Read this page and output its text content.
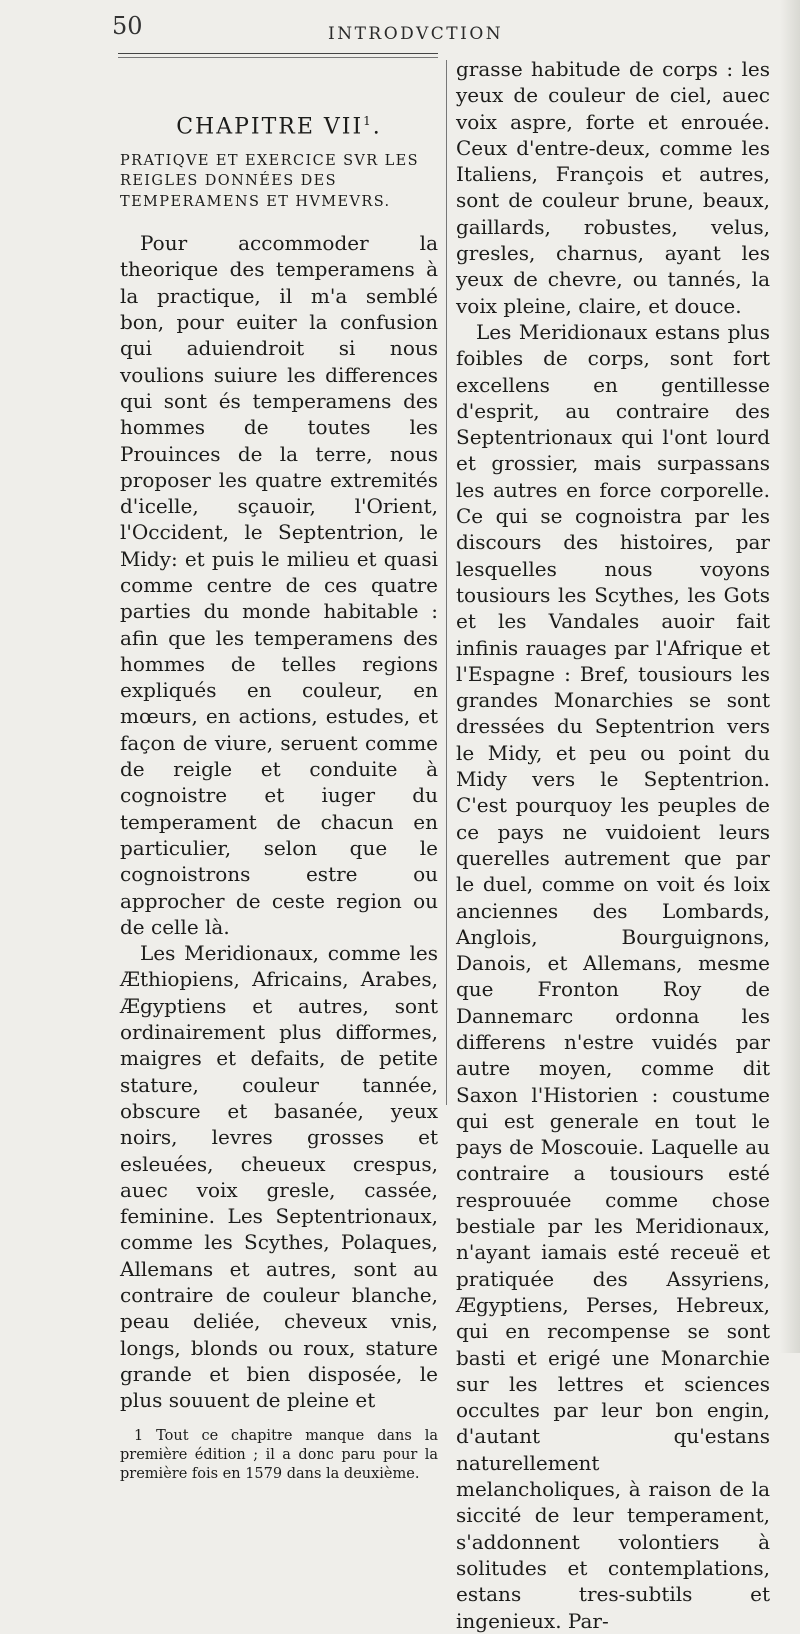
50	INTRODVCTION
CHAPITRE VII$^1$.

PRATIQVE ET EXERCICE SVR LES REIGLES DONNÉES DES TEMPERAMENS ET HVMEVRS.

Pour accommoder la theorique des temperamens à la practique, il m'a semblé bon, pour euiter la confusion qui aduiendroit si nous voulions suiure les differences qui sont és temperamens des hommes de toutes les Prouinces de la terre, nous proposer les quatre extremités d'icelle, sçauoir, l'Orient, l'Occident, le Septentrion, le Midy: et puis le milieu et quasi comme centre de ces quatre parties du monde habitable : afin que les temperamens des hommes de telles regions expliqués en couleur, en mœurs, en actions, estudes, et façon de viure, seruent comme de reigle et conduite à cognoistre et iuger du temperament de chacun en particulier, selon que le cognoistrons estre ou approcher de ceste region ou de celle là.

Les Meridionaux, comme les Æthiopiens, Africains, Arabes, Ægyptiens et autres, sont ordinairement plus difformes, maigres et defaits, de petite stature, couleur tannée, obscure et basanée, yeux noirs, levres grosses et esleuées, cheueux crespus, auec voix gresle, cassée, feminine. Les Septentrionaux, comme les Scythes, Polaques, Allemans et autres, sont au contraire de couleur blanche, peau deliée, cheveux vnis, longs, blonds ou roux, stature grande et bien disposée, le plus souuent de pleine et

1 Tout ce chapitre manque dans la première édition ; il a donc paru pour la première fois en 1579 dans la deuxième.

grasse habitude de corps : les yeux de couleur de ciel, auec voix aspre, forte et enrouée. Ceux d'entre-deux, comme les Italiens, François et autres, sont de couleur brune, beaux, gaillards, robustes, velus, gresles, charnus, ayant les yeux de chevre, ou tannés, la voix pleine, claire, et douce.

Les Meridionaux estans plus foibles de corps, sont fort excellens en gentillesse d'esprit, au contraire des Septentrionaux qui l'ont lourd et grossier, mais surpassans les autres en force corporelle. Ce qui se cognoistra par les discours des histoires, par lesquelles nous voyons tousiours les Scythes, les Gots et les Vandales auoir fait infinis rauages par l'Afrique et l'Espagne : Bref, tousiours les grandes Monarchies se sont dressées du Septentrion vers le Midy, et peu ou point du Midy vers le Septentrion. C'est pourquoy les peuples de ce pays ne vuidoient leurs querelles autrement que par le duel, comme on voit és loix anciennes des Lombards, Anglois, Bourguignons, Danois, et Allemans, mesme que Fronton Roy de Dannemarc ordonna les differens n'estre vuidés par autre moyen, comme dit Saxon l'Historien : coustume qui est generale en tout le pays de Moscouie. Laquelle au contraire a tousiours esté resprouuée comme chose bestiale par les Meridionaux, n'ayant iamais esté receuë et pratiquée des Assyriens, Ægyptiens, Perses, Hebreux, qui en recompense se sont basti et erigé une Monarchie sur les lettres et sciences occultes par leur bon engin, d'autant qu'estans naturellement melancholiques, à raison de la siccité de leur temperament, s'addonnent volontiers à solitudes et contemplations, estans tres-subtils et ingenieux. Par-
